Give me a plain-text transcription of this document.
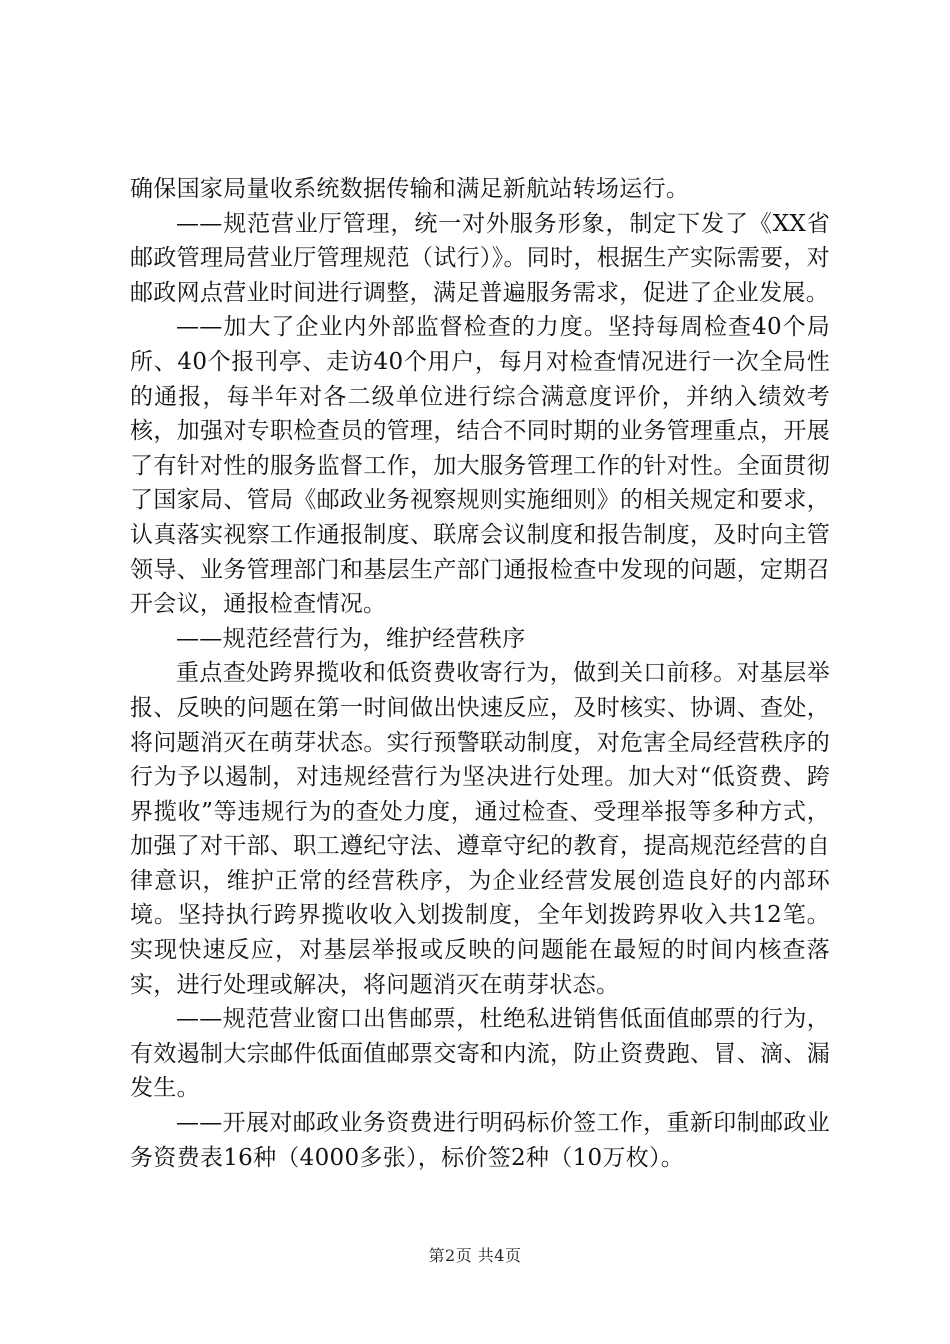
确保国家局量收系统数据传输和满足新航站转场运行。

——规范营业厅管理，统一对外服务形象，制定下发了《XX省邮政管理局营业厅管理规范（试行）》。同时，根据生产实际需要，对邮政网点营业时间进行调整，满足普遍服务需求，促进了企业发展。

——加大了企业内外部监督检查的力度。坚持每周检查40个局所、40个报刊亭、走访40个用户，每月对检查情况进行一次全局性的通报，每半年对各二级单位进行综合满意度评价，并纳入绩效考核，加强对专职检查员的管理，结合不同时期的业务管理重点，开展了有针对性的服务监督工作，加大服务管理工作的针对性。全面贯彻了国家局、管局《邮政业务视察规则实施细则》的相关规定和要求，认真落实视察工作通报制度、联席会议制度和报告制度，及时向主管领导、业务管理部门和基层生产部门通报检查中发现的问题，定期召开会议，通报检查情况。

——规范经营行为，维护经营秩序

重点查处跨界揽收和低资费收寄行为，做到关口前移。对基层举报、反映的问题在第一时间做出快速反应，及时核实、协调、查处，将问题消灭在萌芽状态。实行预警联动制度，对危害全局经营秩序的行为予以遏制，对违规经营行为坚决进行处理。加大对“低资费、跨界揽收”等违规行为的查处力度，通过检查、受理举报等多种方式，加强了对干部、职工遵纪守法、遵章守纪的教育，提高规范经营的自律意识，维护正常的经营秩序，为企业经营发展创造良好的内部环境。坚持执行跨界揽收收入划拨制度，全年划拨跨界收入共12笔。实现快速反应，对基层举报或反映的问题能在最短的时间内核查落实，进行处理或解决，将问题消灭在萌芽状态。

——规范营业窗口出售邮票，杜绝私进销售低面值邮票的行为，有效遏制大宗邮件低面值邮票交寄和内流，防止资费跑、冒、滴、漏发生。

——开展对邮政业务资费进行明码标价签工作，重新印制邮政业务资费表16种（4000多张），标价签2种（10万枚）。

第2页 共4页
